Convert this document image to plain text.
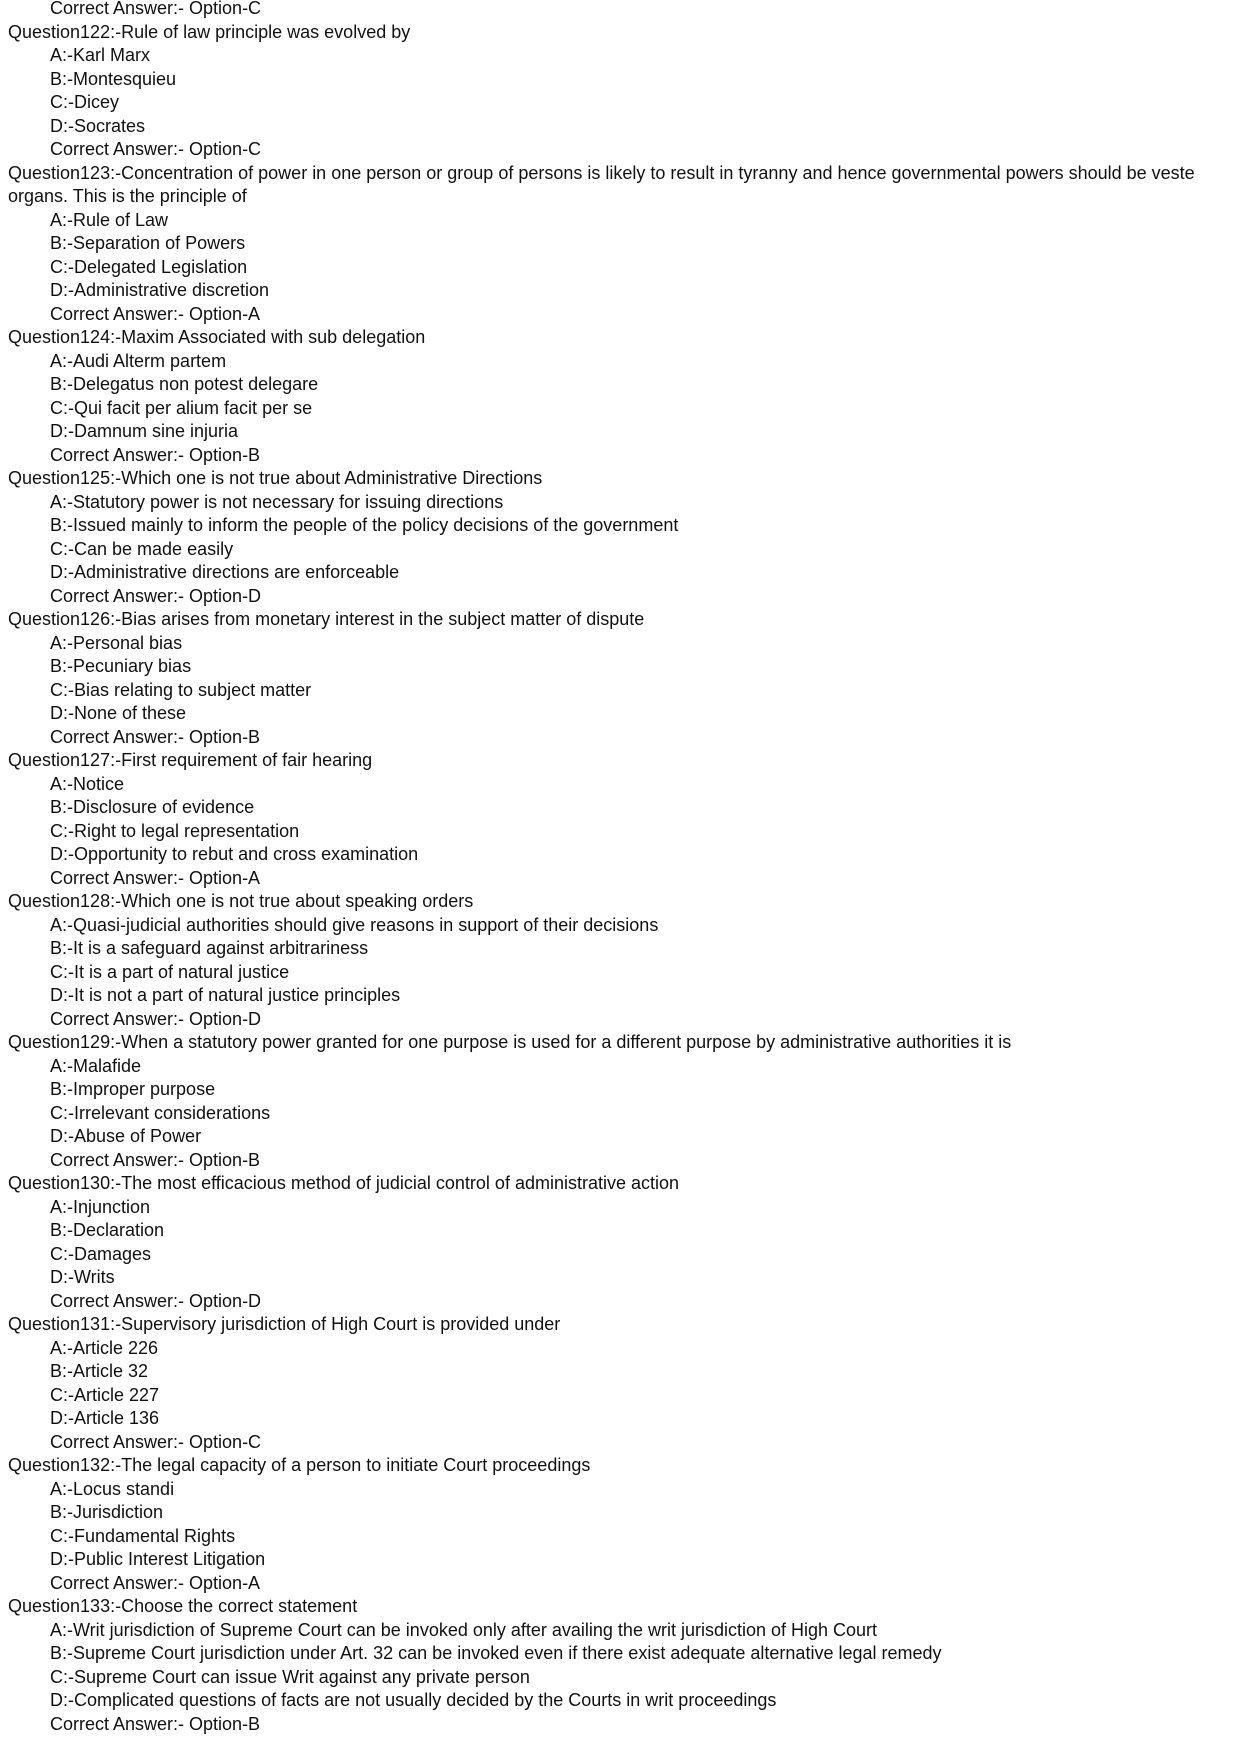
Correct Answer:- Option-C
Question122:-Rule of law principle was evolved by
A:-Karl Marx
B:-Montesquieu
C:-Dicey
D:-Socrates
Correct Answer:- Option-C
Question123:-Concentration of power in one person or group of persons is likely to result in tyranny and hence governmental powers should be veste
organs. This is the principle of
A:-Rule of Law
B:-Separation of Powers
C:-Delegated Legislation
D:-Administrative discretion
Correct Answer:- Option-A
Question124:-Maxim Associated with sub delegation
A:-Audi Alterm partem
B:-Delegatus non potest delegare
C:-Qui facit per alium facit per se
D:-Damnum sine injuria
Correct Answer:- Option-B
Question125:-Which one is not true about Administrative Directions
A:-Statutory power is not necessary for issuing directions
B:-Issued mainly to inform the people of the policy decisions of the government
C:-Can be made easily
D:-Administrative directions are enforceable
Correct Answer:- Option-D
Question126:-Bias arises from monetary interest in the subject matter of dispute
A:-Personal bias
B:-Pecuniary bias
C:-Bias relating to subject matter
D:-None of these
Correct Answer:- Option-B
Question127:-First requirement of fair hearing
A:-Notice
B:-Disclosure of evidence
C:-Right to legal representation
D:-Opportunity to rebut and cross examination
Correct Answer:- Option-A
Question128:-Which one is not true about speaking orders
A:-Quasi-judicial authorities should give reasons in support of their decisions
B:-It is a safeguard against arbitrariness
C:-It is a part of natural justice
D:-It is not a part of natural justice principles
Correct Answer:- Option-D
Question129:-When a statutory power granted for one purpose is used for a different purpose by administrative authorities it is
A:-Malafide
B:-Improper purpose
C:-Irrelevant considerations
D:-Abuse of Power
Correct Answer:- Option-B
Question130:-The most efficacious method of judicial control of administrative action
A:-Injunction
B:-Declaration
C:-Damages
D:-Writs
Correct Answer:- Option-D
Question131:-Supervisory jurisdiction of High Court is provided under
A:-Article 226
B:-Article 32
C:-Article 227
D:-Article 136
Correct Answer:- Option-C
Question132:-The legal capacity of a person to initiate Court proceedings
A:-Locus standi
B:-Jurisdiction
C:-Fundamental Rights
D:-Public Interest Litigation
Correct Answer:- Option-A
Question133:-Choose the correct statement
A:-Writ jurisdiction of Supreme Court can be invoked only after availing the writ jurisdiction of High Court
B:-Supreme Court jurisdiction under Art. 32 can be invoked even if there exist adequate alternative legal remedy
C:-Supreme Court can issue Writ against any private person
D:-Complicated questions of facts are not usually decided by the Courts in writ proceedings
Correct Answer:- Option-B
